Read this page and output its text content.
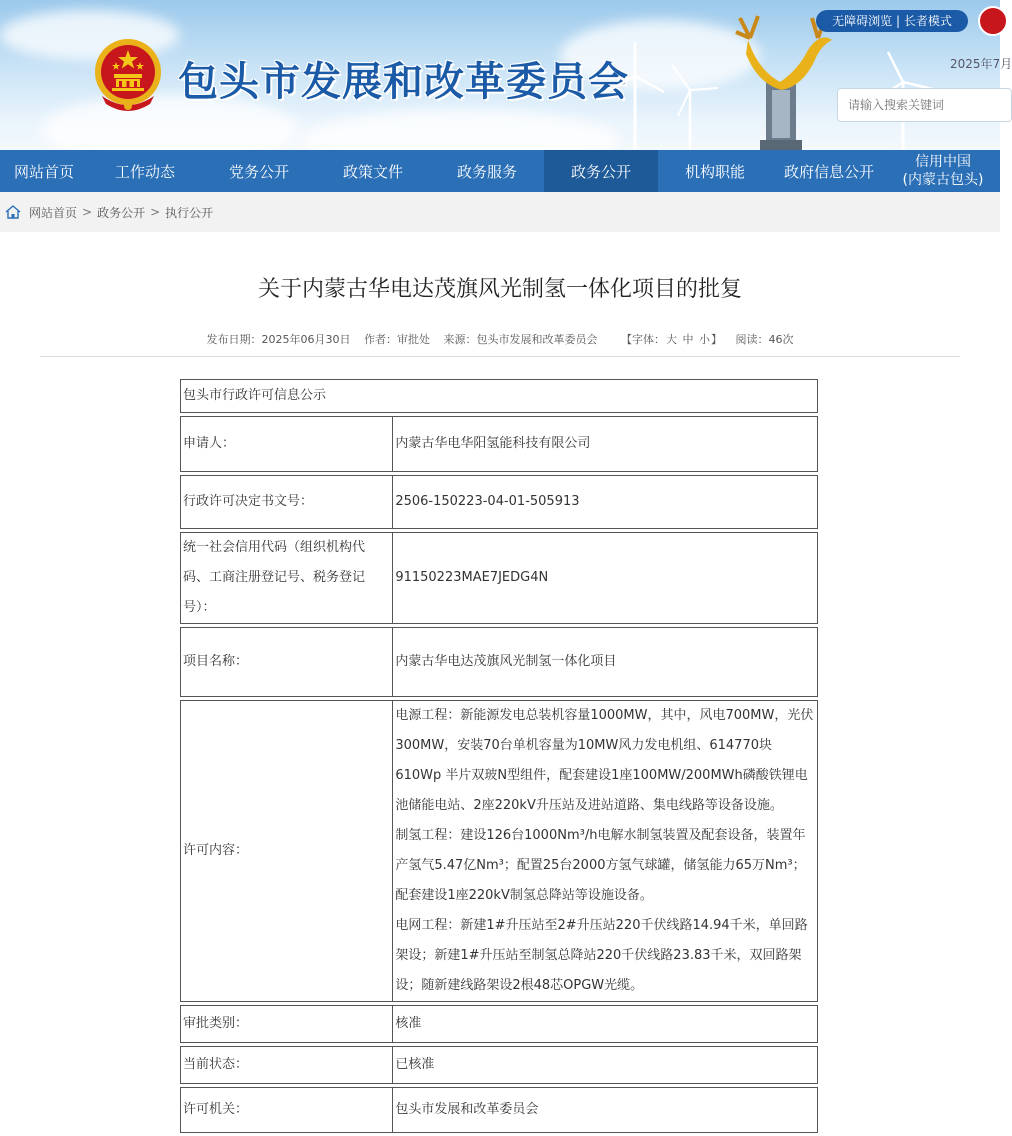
包头市发展和改革委员会
无障碍浏览 | 长者模式
2025年7月
请输入搜索关键词
网站首页	工作动态	党务公开	政策文件	政务服务	政务公开	机构职能	政府信息公开
信用中国
(内蒙古包头)
网站首页 > 政务公开 > 执行公开
关于内蒙古华电达茂旗风光制氢一体化项目的批复
发布日期：2025年06月30日 作者：审批处 来源：包头市发展和改革委员会 【字体：大 中 小】 阅读：46次
包头市行政许可信息公示	
申请人：	内蒙古华电华阳氢能科技有限公司
行政许可决定书文号：	2506-150223-04-01-505913
统一社会信用代码（组织机构代码、工商注册登记号、税务登记号）：	91150223MAE7JEDG4N
项目名称：	内蒙古华电达茂旗风光制氢一体化项目
许可内容：	电源工程：新能源发电总装机容量1000MW，其中，风电700MW，光伏300MW，安装70台单机容量为10MW风力发电机组、614770块610Wp 半片双玻N型组件，配套建设1座100MW/200MWh磷酸铁锂电池储能电站、2座220kV升压站及进站道路、集电线路等设备设施。
制氢工程：建设126台1000Nm³/h电解水制氢装置及配套设备，装置年产氢气5.47亿Nm³；配置25台2000方氢气球罐，储氢能力65万Nm³；配套建设1座220kV制氢总降站等设施设备。
电网工程：新建1#升压站至2#升压站220千伏线路14.94千米，单回路架设；新建1#升压站至制氢总降站220千伏线路23.83千米，双回路架设；随新建线路架设2根48芯OPGW光缆。

审批类别：	核准
当前状态：	已核准
许可机关：	包头市发展和改革委员会
